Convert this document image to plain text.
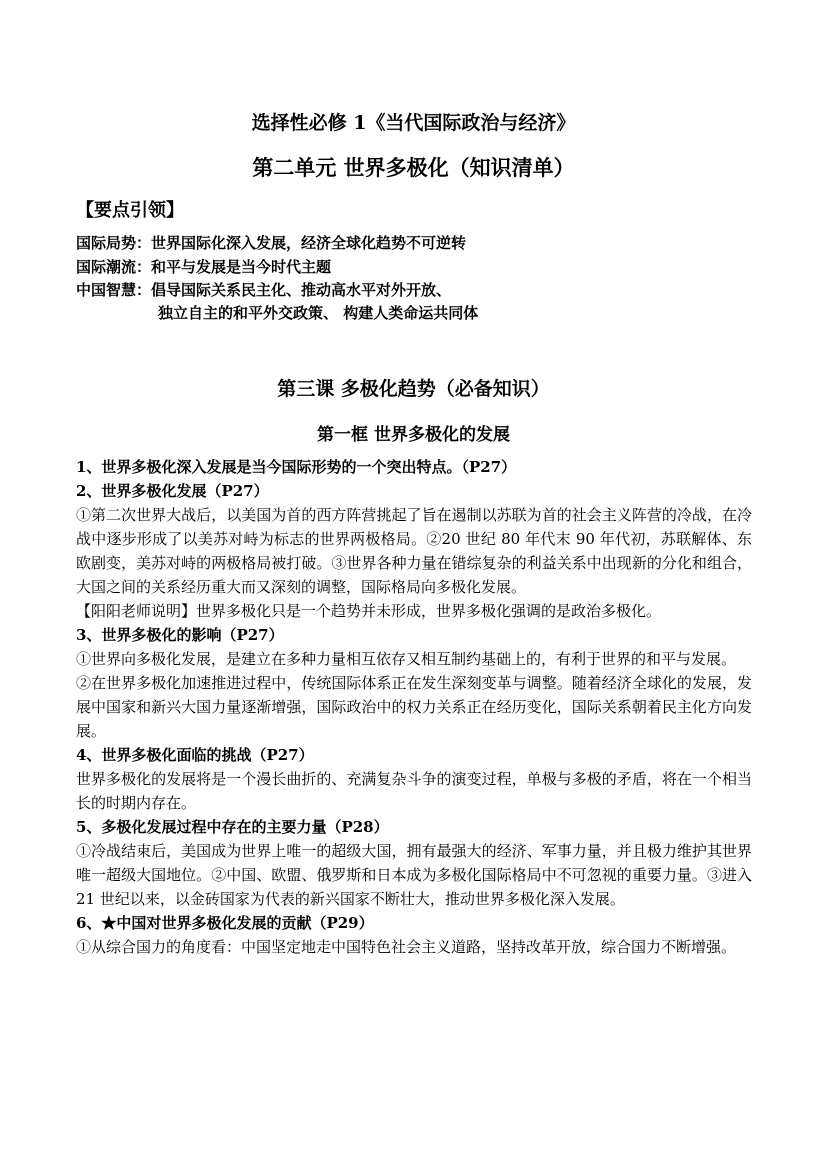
选择性必修 1《当代国际政治与经济》
第二单元 世界多极化（知识清单）
【要点引领】
国际局势：世界国际化深入发展，经济全球化趋势不可逆转
国际潮流：和平与发展是当今时代主题
中国智慧：倡导国际关系民主化、推动高水平对外开放、
独立自主的和平外交政策、 构建人类命运共同体
第三课 多极化趋势（必备知识）
第一框 世界多极化的发展

1、世界多极化深入发展是当今国际形势的一个突出特点。（P27）

2、世界多极化发展（P27）

①第二次世界大战后，以美国为首的西方阵营挑起了旨在遏制以苏联为首的社会主义阵营的冷战，在冷战中逐步形成了以美苏对峙为标志的世界两极格局。②20 世纪 80 年代末 90 年代初，苏联解体、东欧剧变，美苏对峙的两极格局被打破。③世界各种力量在错综复杂的利益关系中出现新的分化和组合，大国之间的关系经历重大而又深刻的调整，国际格局向多极化发展。

【阳阳老师说明】世界多极化只是一个趋势并未形成，世界多极化强调的是政治多极化。

3、世界多极化的影响（P27）

①世界向多极化发展，是建立在多种力量相互依存又相互制约基础上的，有利于世界的和平与发展。

②在世界多极化加速推进过程中，传统国际体系正在发生深刻变革与调整。随着经济全球化的发展，发展中国家和新兴大国力量逐渐增强，国际政治中的权力关系正在经历变化，国际关系朝着民主化方向发展。

4、世界多极化面临的挑战（P27）

世界多极化的发展将是一个漫长曲折的、充满复杂斗争的演变过程，单极与多极的矛盾，将在一个相当长的时期内存在。

5、多极化发展过程中存在的主要力量（P28）

①冷战结束后，美国成为世界上唯一的超级大国，拥有最强大的经济、军事力量，并且极力维护其世界唯一超级大国地位。②中国、欧盟、俄罗斯和日本成为多极化国际格局中不可忽视的重要力量。③进入 21 世纪以来，以金砖国家为代表的新兴国家不断壮大，推动世界多极化深入发展。

6、★中国对世界多极化发展的贡献（P29）

①从综合国力的角度看：中国坚定地走中国特色社会主义道路，坚持改革开放，综合国力不断增强。
